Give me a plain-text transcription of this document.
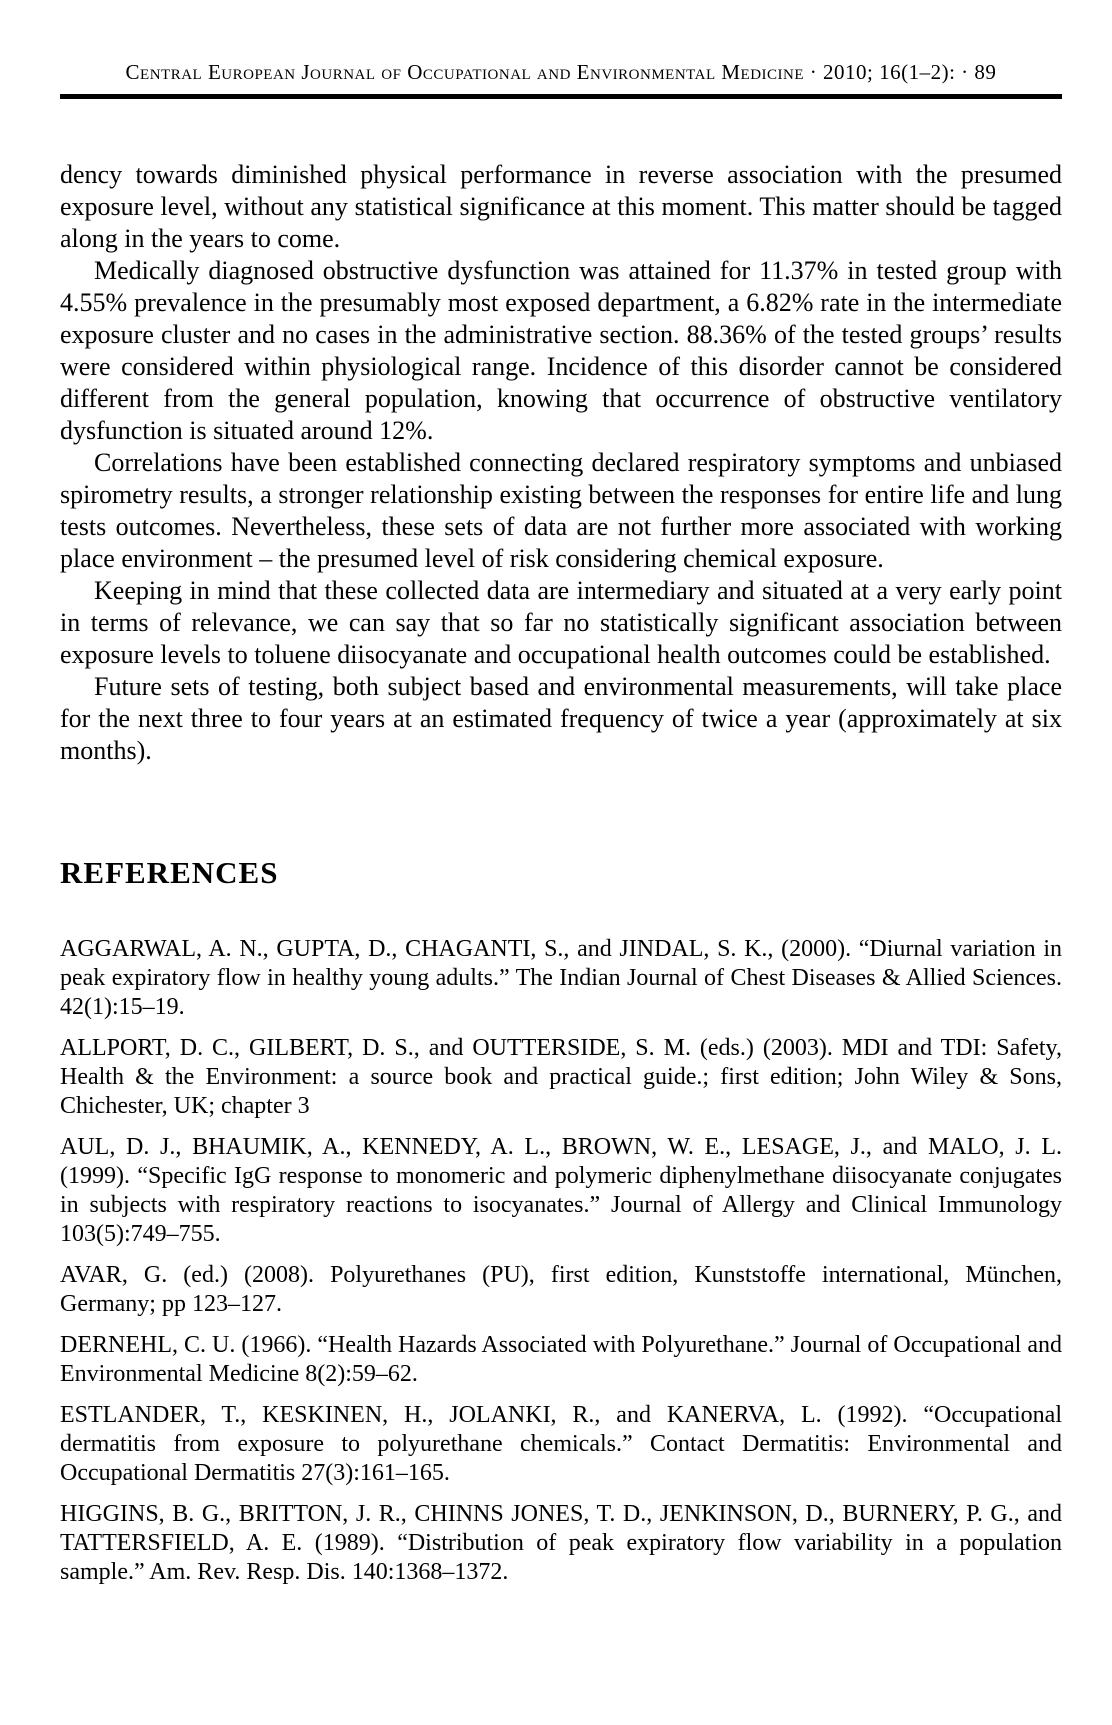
Central European Journal of Occupational and Environmental Medicine · 2010; 16(1–2): · 89

dency towards diminished physical performance in reverse association with the presumed exposure level, without any statistical significance at this moment. This matter should be tagged along in the years to come.

Medically diagnosed obstructive dysfunction was attained for 11.37% in tested group with 4.55% prevalence in the presumably most exposed department, a 6.82% rate in the intermediate exposure cluster and no cases in the administrative section. 88.36% of the tested groups’ results were considered within physiological range. Incidence of this disorder cannot be considered different from the general population, knowing that occurrence of obstructive ventilatory dysfunction is situated around 12%.

Correlations have been established connecting declared respiratory symptoms and unbiased spirometry results, a stronger relationship existing between the responses for entire life and lung tests outcomes. Nevertheless, these sets of data are not further more associated with working place environment – the presumed level of risk considering chemical exposure.

Keeping in mind that these collected data are intermediary and situated at a very early point in terms of relevance, we can say that so far no statistically significant association between exposure levels to toluene diisocyanate and occupational health outcomes could be established.

Future sets of testing, both subject based and environmental measurements, will take place for the next three to four years at an estimated frequency of twice a year (approximately at six months).

REFERENCES

AGGARWAL, A. N., GUPTA, D., CHAGANTI, S., and JINDAL, S. K., (2000). “Diurnal variation in peak expiratory flow in healthy young adults.” The Indian Journal of Chest Diseases & Allied Sciences. 42(1):15–19.

ALLPORT, D. C., GILBERT, D. S., and OUTTERSIDE, S. M. (eds.) (2003). MDI and TDI: Safety, Health & the Environment: a source book and practical guide.; first edition; John Wiley & Sons, Chichester, UK; chapter 3

AUL, D. J., BHAUMIK, A., KENNEDY, A. L., BROWN, W. E., LESAGE, J., and MALO, J. L. (1999). “Specific IgG response to monomeric and polymeric diphenylmethane diisocyanate conjugates in subjects with respiratory reactions to isocyanates.” Journal of Allergy and Clinical Immunology 103(5):749–755.

AVAR, G. (ed.) (2008). Polyurethanes (PU), first edition, Kunststoffe international, München, Germany; pp 123–127.

DERNEHL, C. U. (1966). “Health Hazards Associated with Polyurethane.” Journal of Occupational and Environmental Medicine 8(2):59–62.

ESTLANDER, T., KESKINEN, H., JOLANKI, R., and KANERVA, L. (1992). “Occupational dermatitis from exposure to polyurethane chemicals.” Contact Dermatitis: Environmental and Occupational Dermatitis 27(3):161–165.

HIGGINS, B. G., BRITTON, J. R., CHINNS JONES, T. D., JENKINSON, D., BURNERY, P. G., and TATTERSFIELD, A. E. (1989). “Distribution of peak expiratory flow variability in a population sample.” Am. Rev. Resp. Dis. 140:1368–1372.
